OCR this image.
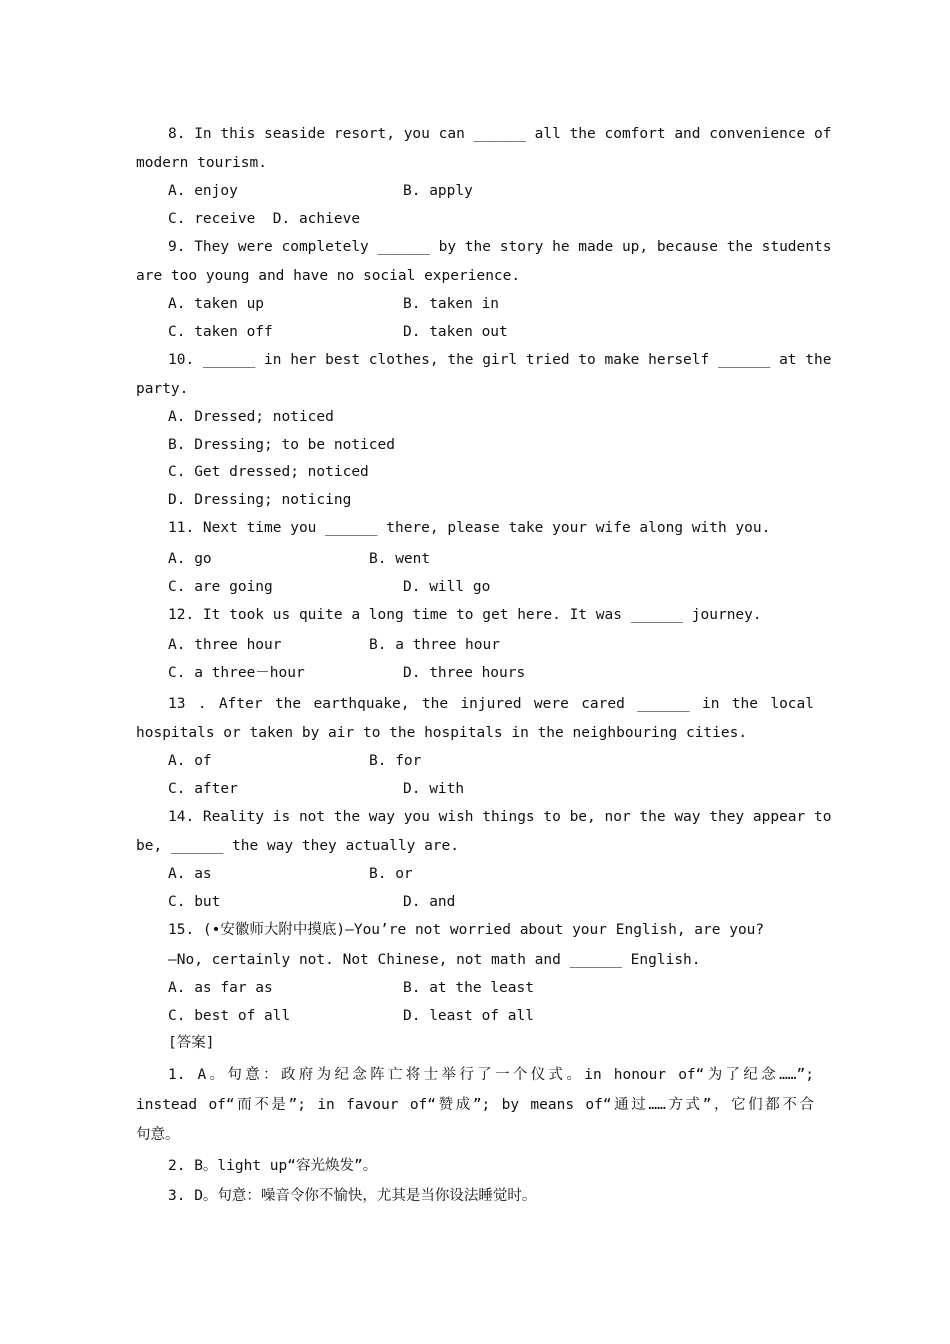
8. In this seaside resort, you can ______ all the comfort and convenience of
modern tourism.
A. enjoy	B. apply
C. receive  D. achieve
9. They were completely ______ by the story he made up, because the students
are too young and have no social experience.
A. taken up	B. taken in
C. taken off	D. taken out
10. ______ in her best clothes, the girl tried to make herself ______ at the
party.
A. Dressed; noticed
B. Dressing; to be noticed
C. Get dressed; noticed
D. Dressing; noticing
11. Next time you ______ there, please take your wife along with you.
A. go	B. went
C. are going	D. will go
12. It took us quite a long time to get here. It was ______ journey.
A. three hour	B. a three hour
C. a three－hour	D. three hours
13 . After the earthquake, the injured were cared ______ in the local
hospitals or taken by air to the hospitals in the neighbouring cities.
A. of	B. for
C. after	D. with
14. Reality is not the way you wish things to be, nor the way they appear to
be, ______ the way they actually are.
A. as	B. or
C. but	D. and
15. (•安徽师大附中摸底)—You’re not worried about your English, are you?
—No, certainly not. Not Chinese, not math and ______ English.
A. as far as	B. at the least
C. best of all	D. least of all
[答案]
1. A。句意：政府为纪念阵亡将士举行了一个仪式。in honour of“为了纪念……”;
instead of“而不是”; in favour of“赞成”; by means of“通过……方式”，它们都不合
句意。
2. B。light up“容光焕发”。
3. D。句意：噪音令你不愉快，尤其是当你设法睡觉时。
